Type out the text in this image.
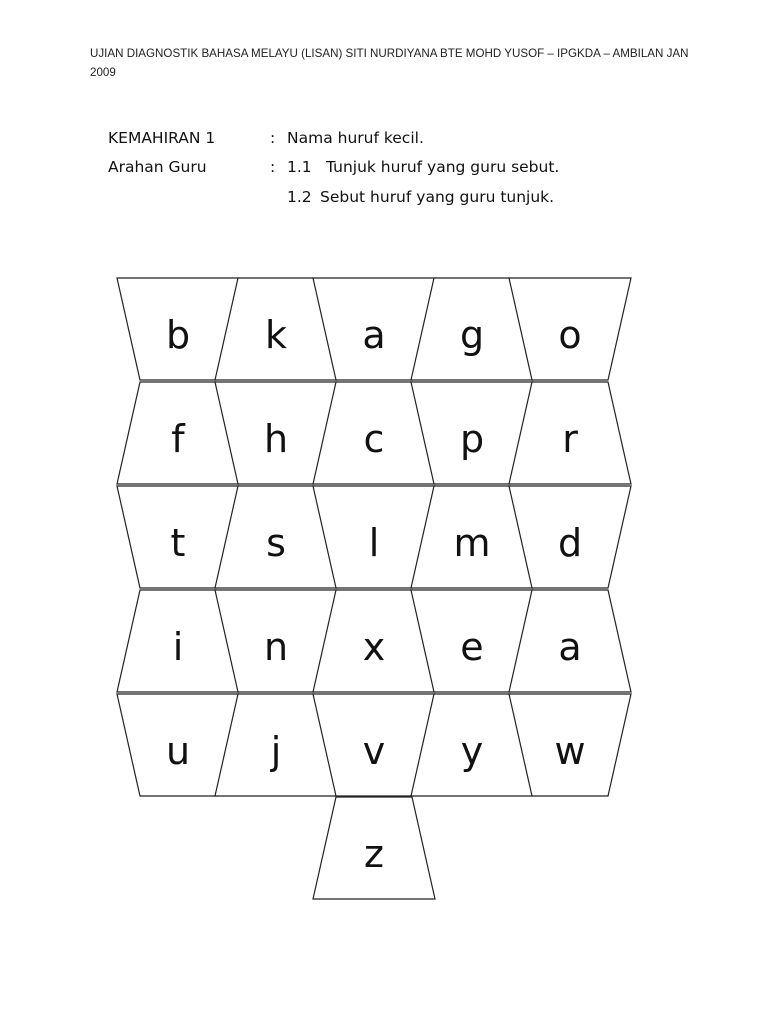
UJIAN DIAGNOSTIK BAHASA MELAYU (LISAN) SITI NURDIYANA BTE MOHD YUSOF – IPGKDA – AMBILAN JAN 2009
KEMAHIRAN 1	: Nama huruf kecil.
Arahan Guru	: 1.1 Tunjuk huruf yang guru sebut.
1.2 Sebut huruf yang guru tunjuk.
b k a g o
f h c p r
t s l m d
i n x e a
u j v y w
z
